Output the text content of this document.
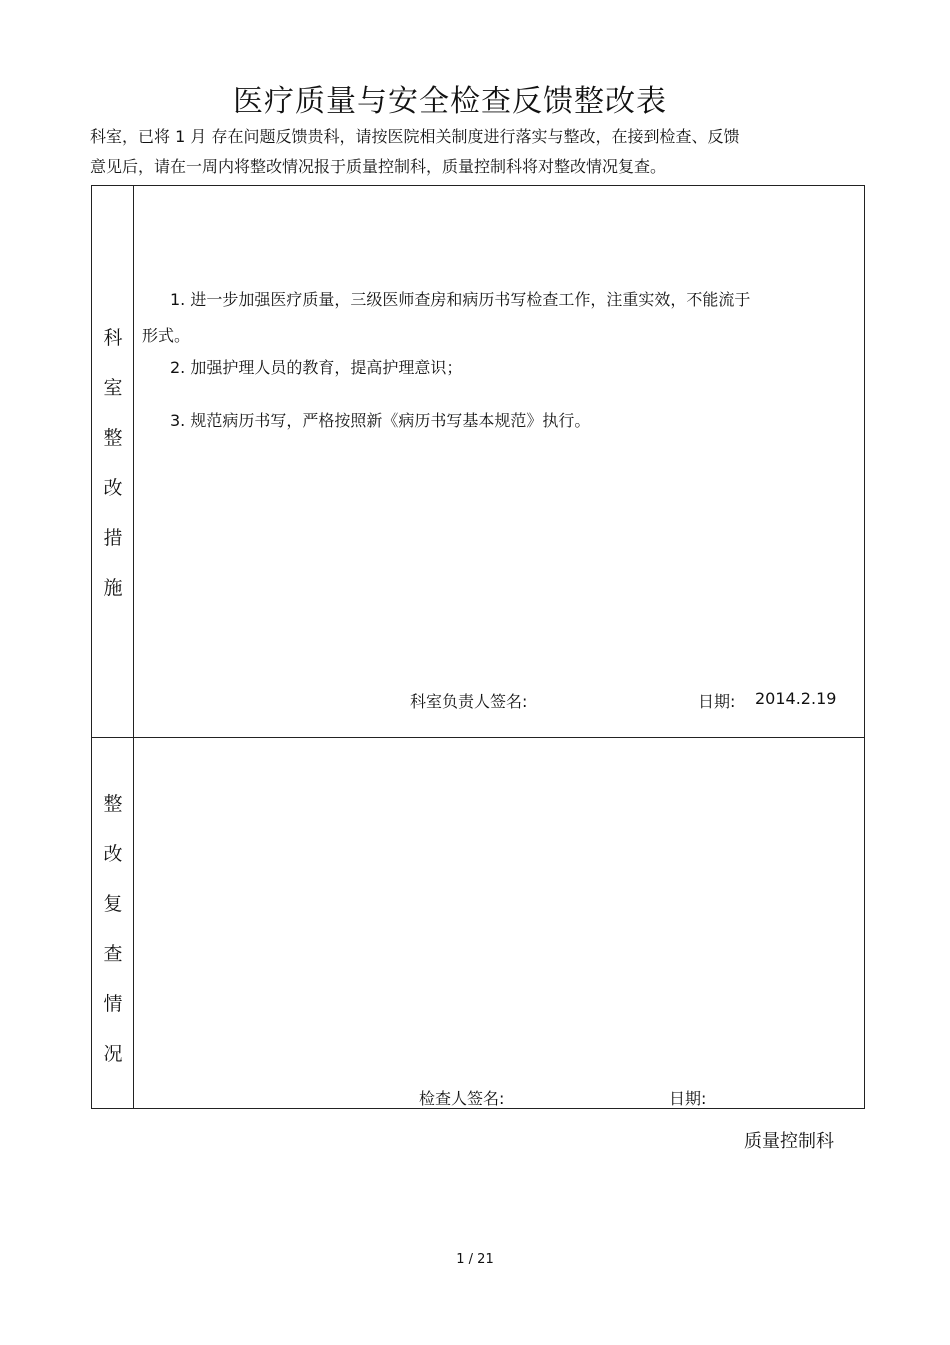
医疗质量与安全检查反馈整改表
科室，已将 1 月 存在问题反馈贵科，请按医院相关制度进行落实与整改，在接到检查、反馈
意见后，请在一周内将整改情况报于质量控制科，质量控制科将对整改情况复查。
科
室
整
改
措
施
1. 进一步加强医疗质量，三级医师查房和病历书写检查工作，注重实效，不能流于
形式。
2. 加强护理人员的教育，提高护理意识；
3. 规范病历书写，严格按照新《病历书写基本规范》执行。
科室负责人签名:	日期: 2014.2.19
整
改
复
查
情
况
检查人签名:	日期:
质量控制科
1 / 21
